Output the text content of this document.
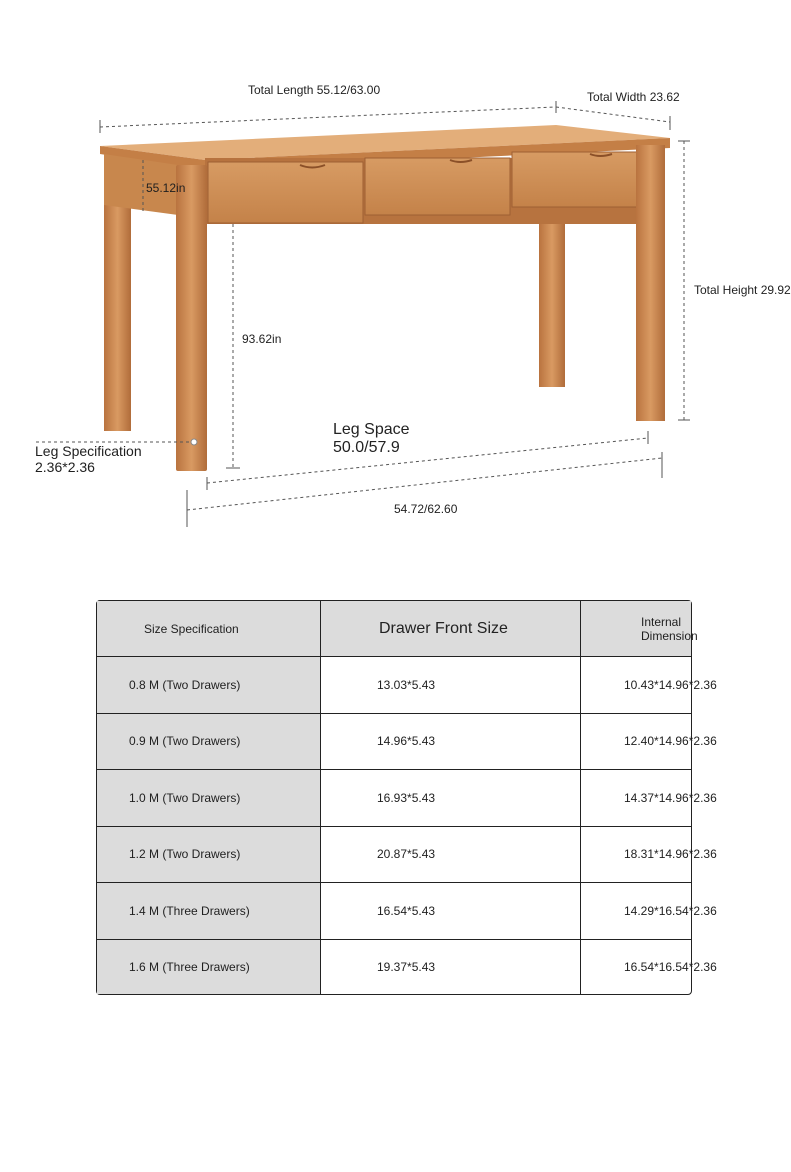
Total Length 55.12/63.00	Total Width 23.62
Total Height 29.92
55.12in
93.62in
Leg Space
50.0/57.9
Leg Specification
2.36*2.36
54.72/62.60
Size Specification	Drawer Front Size	Internal Dimension
0.8 M (Two Drawers)	13.03*5.43	10.43*14.96*2.36
0.9 M (Two Drawers)	14.96*5.43	12.40*14.96*2.36
1.0 M (Two Drawers)	16.93*5.43	14.37*14.96*2.36
1.2 M (Two Drawers)	20.87*5.43	18.31*14.96*2.36
1.4 M (Three Drawers)	16.54*5.43	14.29*16.54*2.36
1.6 M (Three Drawers)	19.37*5.43	16.54*16.54*2.36
